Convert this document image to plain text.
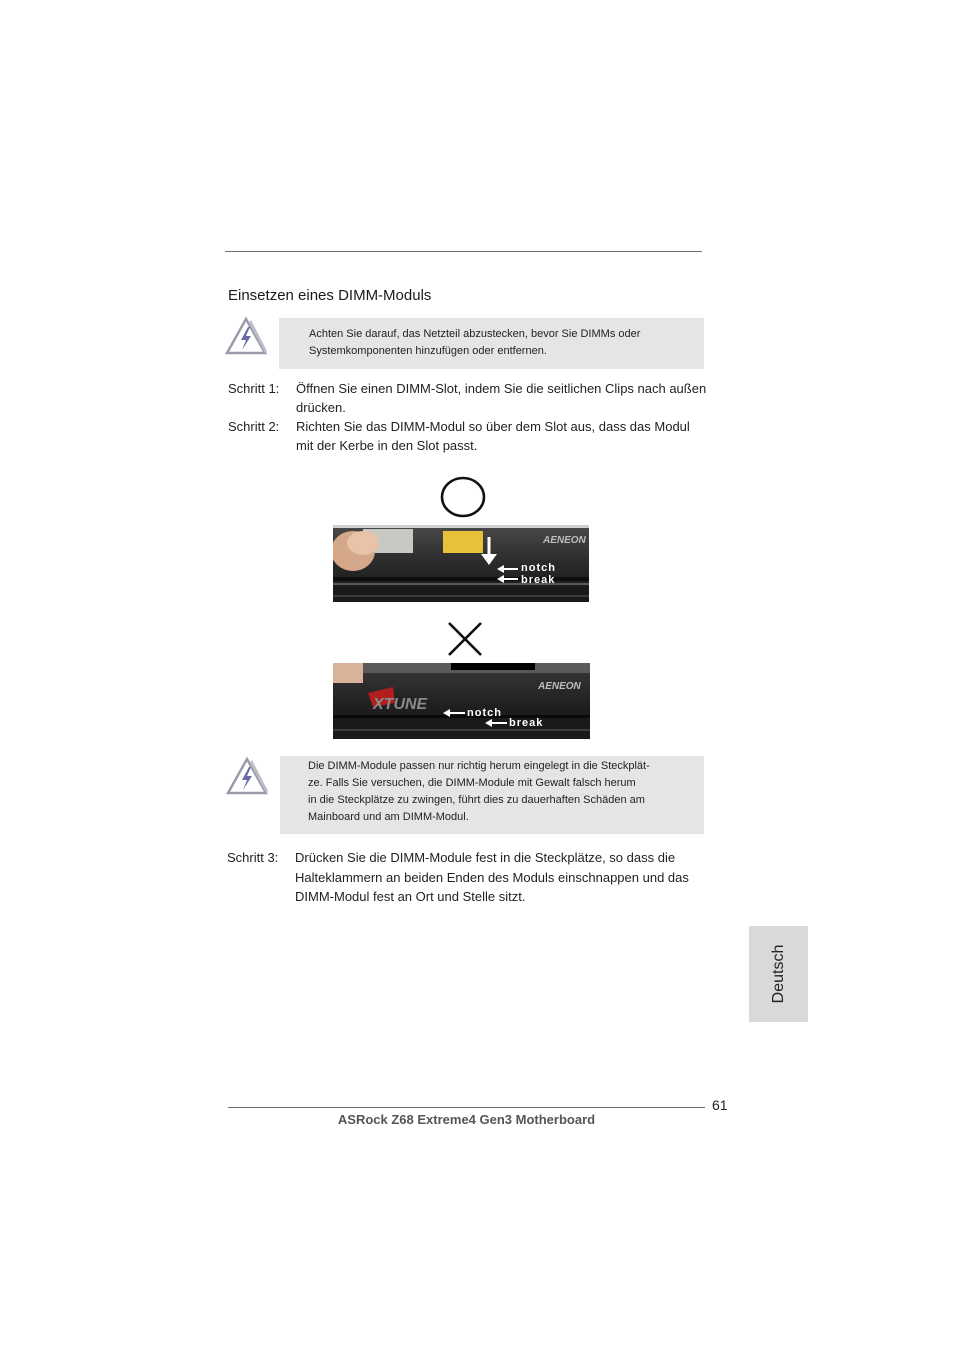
Einsetzen eines DIMM-Moduls
Achten Sie darauf, das Netzteil abzustecken, bevor Sie DIMMs oder
Systemkomponenten hinzufügen oder entfernen.
Schritt 1: Öffnen Sie einen DIMM-Slot, indem Sie die seitlichen Clips nach außen
drücken.
Schritt 2: Richten Sie das DIMM-Modul so über dem Slot aus, dass das Modul
mit der Kerbe in den Slot passt.
AENEON
notch
break
XTUNE
AENEON
notch
break
Die DIMM-Module passen nur richtig herum eingelegt in die Steckplät-
ze. Falls Sie versuchen, die DIMM-Module mit Gewalt falsch herum
in die Steckplätze zu zwingen, führt dies zu dauerhaften Schäden am
Mainboard und am DIMM-Modul.
Schritt 3: Drücken Sie die DIMM-Module fest in die Steckplätze, so dass die
Halteklammern an beiden Enden des Moduls einschnappen und das
DIMM-Modul fest an Ort und Stelle sitzt.
Deutsch
61
ASRock Z68 Extreme4 Gen3 Motherboard
